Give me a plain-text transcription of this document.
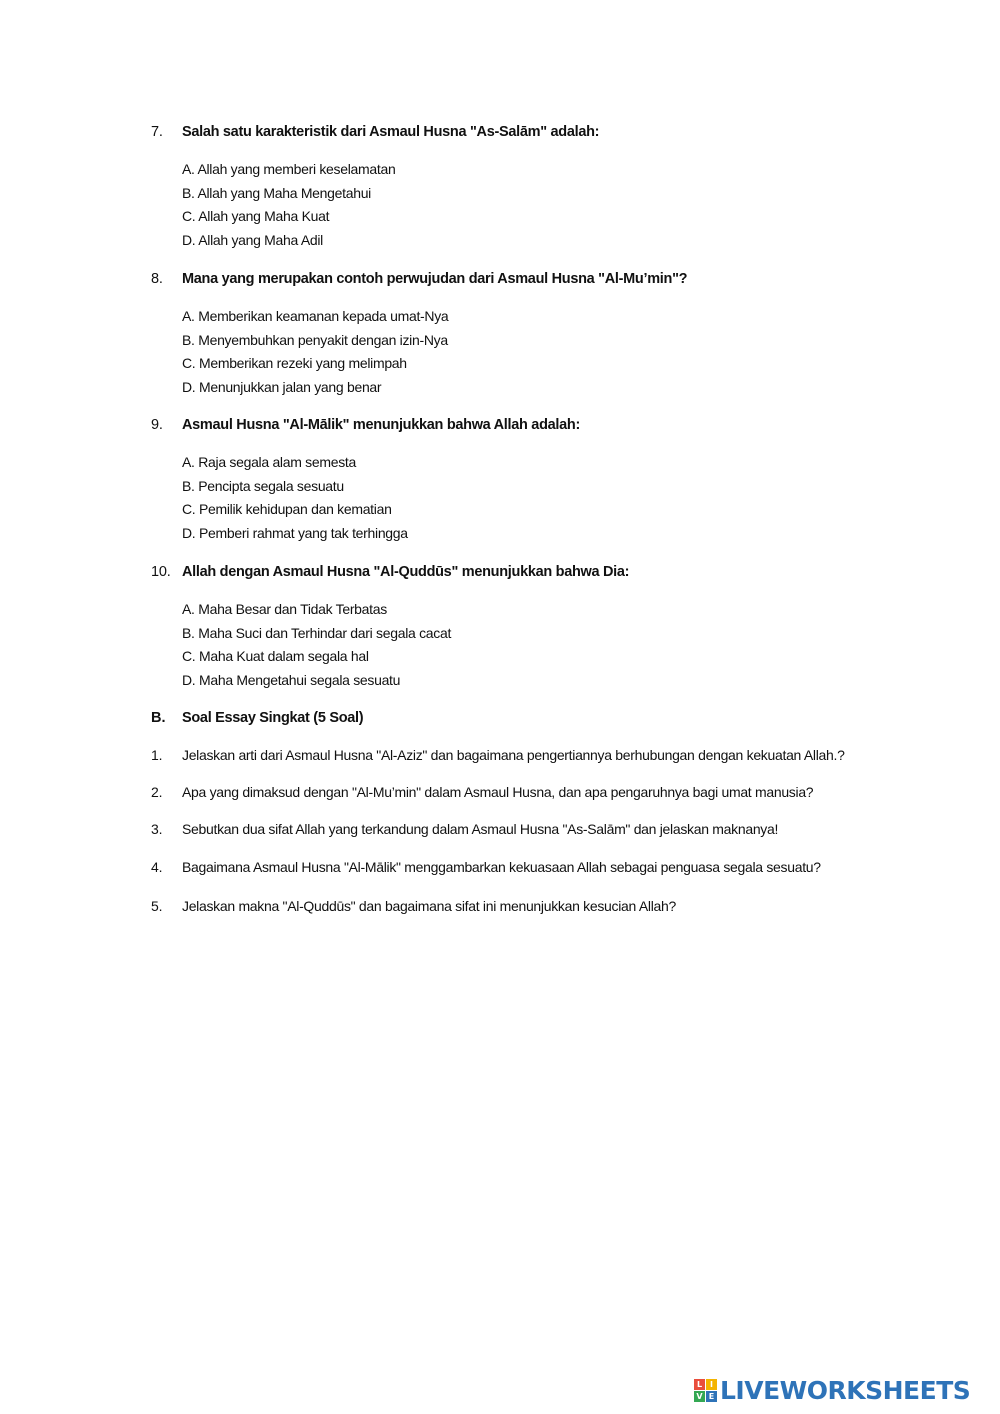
7. Salah satu karakteristik dari Asmaul Husna "As-Salām" adalah:
A. Allah yang memberi keselamatan
B. Allah yang Maha Mengetahui
C. Allah yang Maha Kuat
D. Allah yang Maha Adil
8. Mana yang merupakan contoh perwujudan dari Asmaul Husna "Al-Mu’min"?
A. Memberikan keamanan kepada umat-Nya
B. Menyembuhkan penyakit dengan izin-Nya
C. Memberikan rezeki yang melimpah
D. Menunjukkan jalan yang benar
9. Asmaul Husna "Al-Mālik" menunjukkan bahwa Allah adalah:
A. Raja segala alam semesta
B. Pencipta segala sesuatu
C. Pemilik kehidupan dan kematian
D. Pemberi rahmat yang tak terhingga
10. Allah dengan Asmaul Husna "Al-Quddūs" menunjukkan bahwa Dia:
A. Maha Besar dan Tidak Terbatas
B. Maha Suci dan Terhindar dari segala cacat
C. Maha Kuat dalam segala hal
D. Maha Mengetahui segala sesuatu
B. Soal Essay Singkat (5 Soal)
1. Jelaskan arti dari Asmaul Husna "Al-Aziz" dan bagaimana pengertiannya berhubungan dengan kekuatan Allah.?
2. Apa yang dimaksud dengan "Al-Mu’min" dalam Asmaul Husna, dan apa pengaruhnya bagi umat manusia?
3. Sebutkan dua sifat Allah yang terkandung dalam Asmaul Husna "As-Salām" dan jelaskan maknanya!
4. Bagaimana Asmaul Husna "Al-Mālik" menggambarkan kekuasaan Allah sebagai penguasa segala sesuatu?
5. Jelaskan makna "Al-Quddūs" dan bagaimana sifat ini menunjukkan kesucian Allah?
L I
V E LIVEWORKSHEETS
